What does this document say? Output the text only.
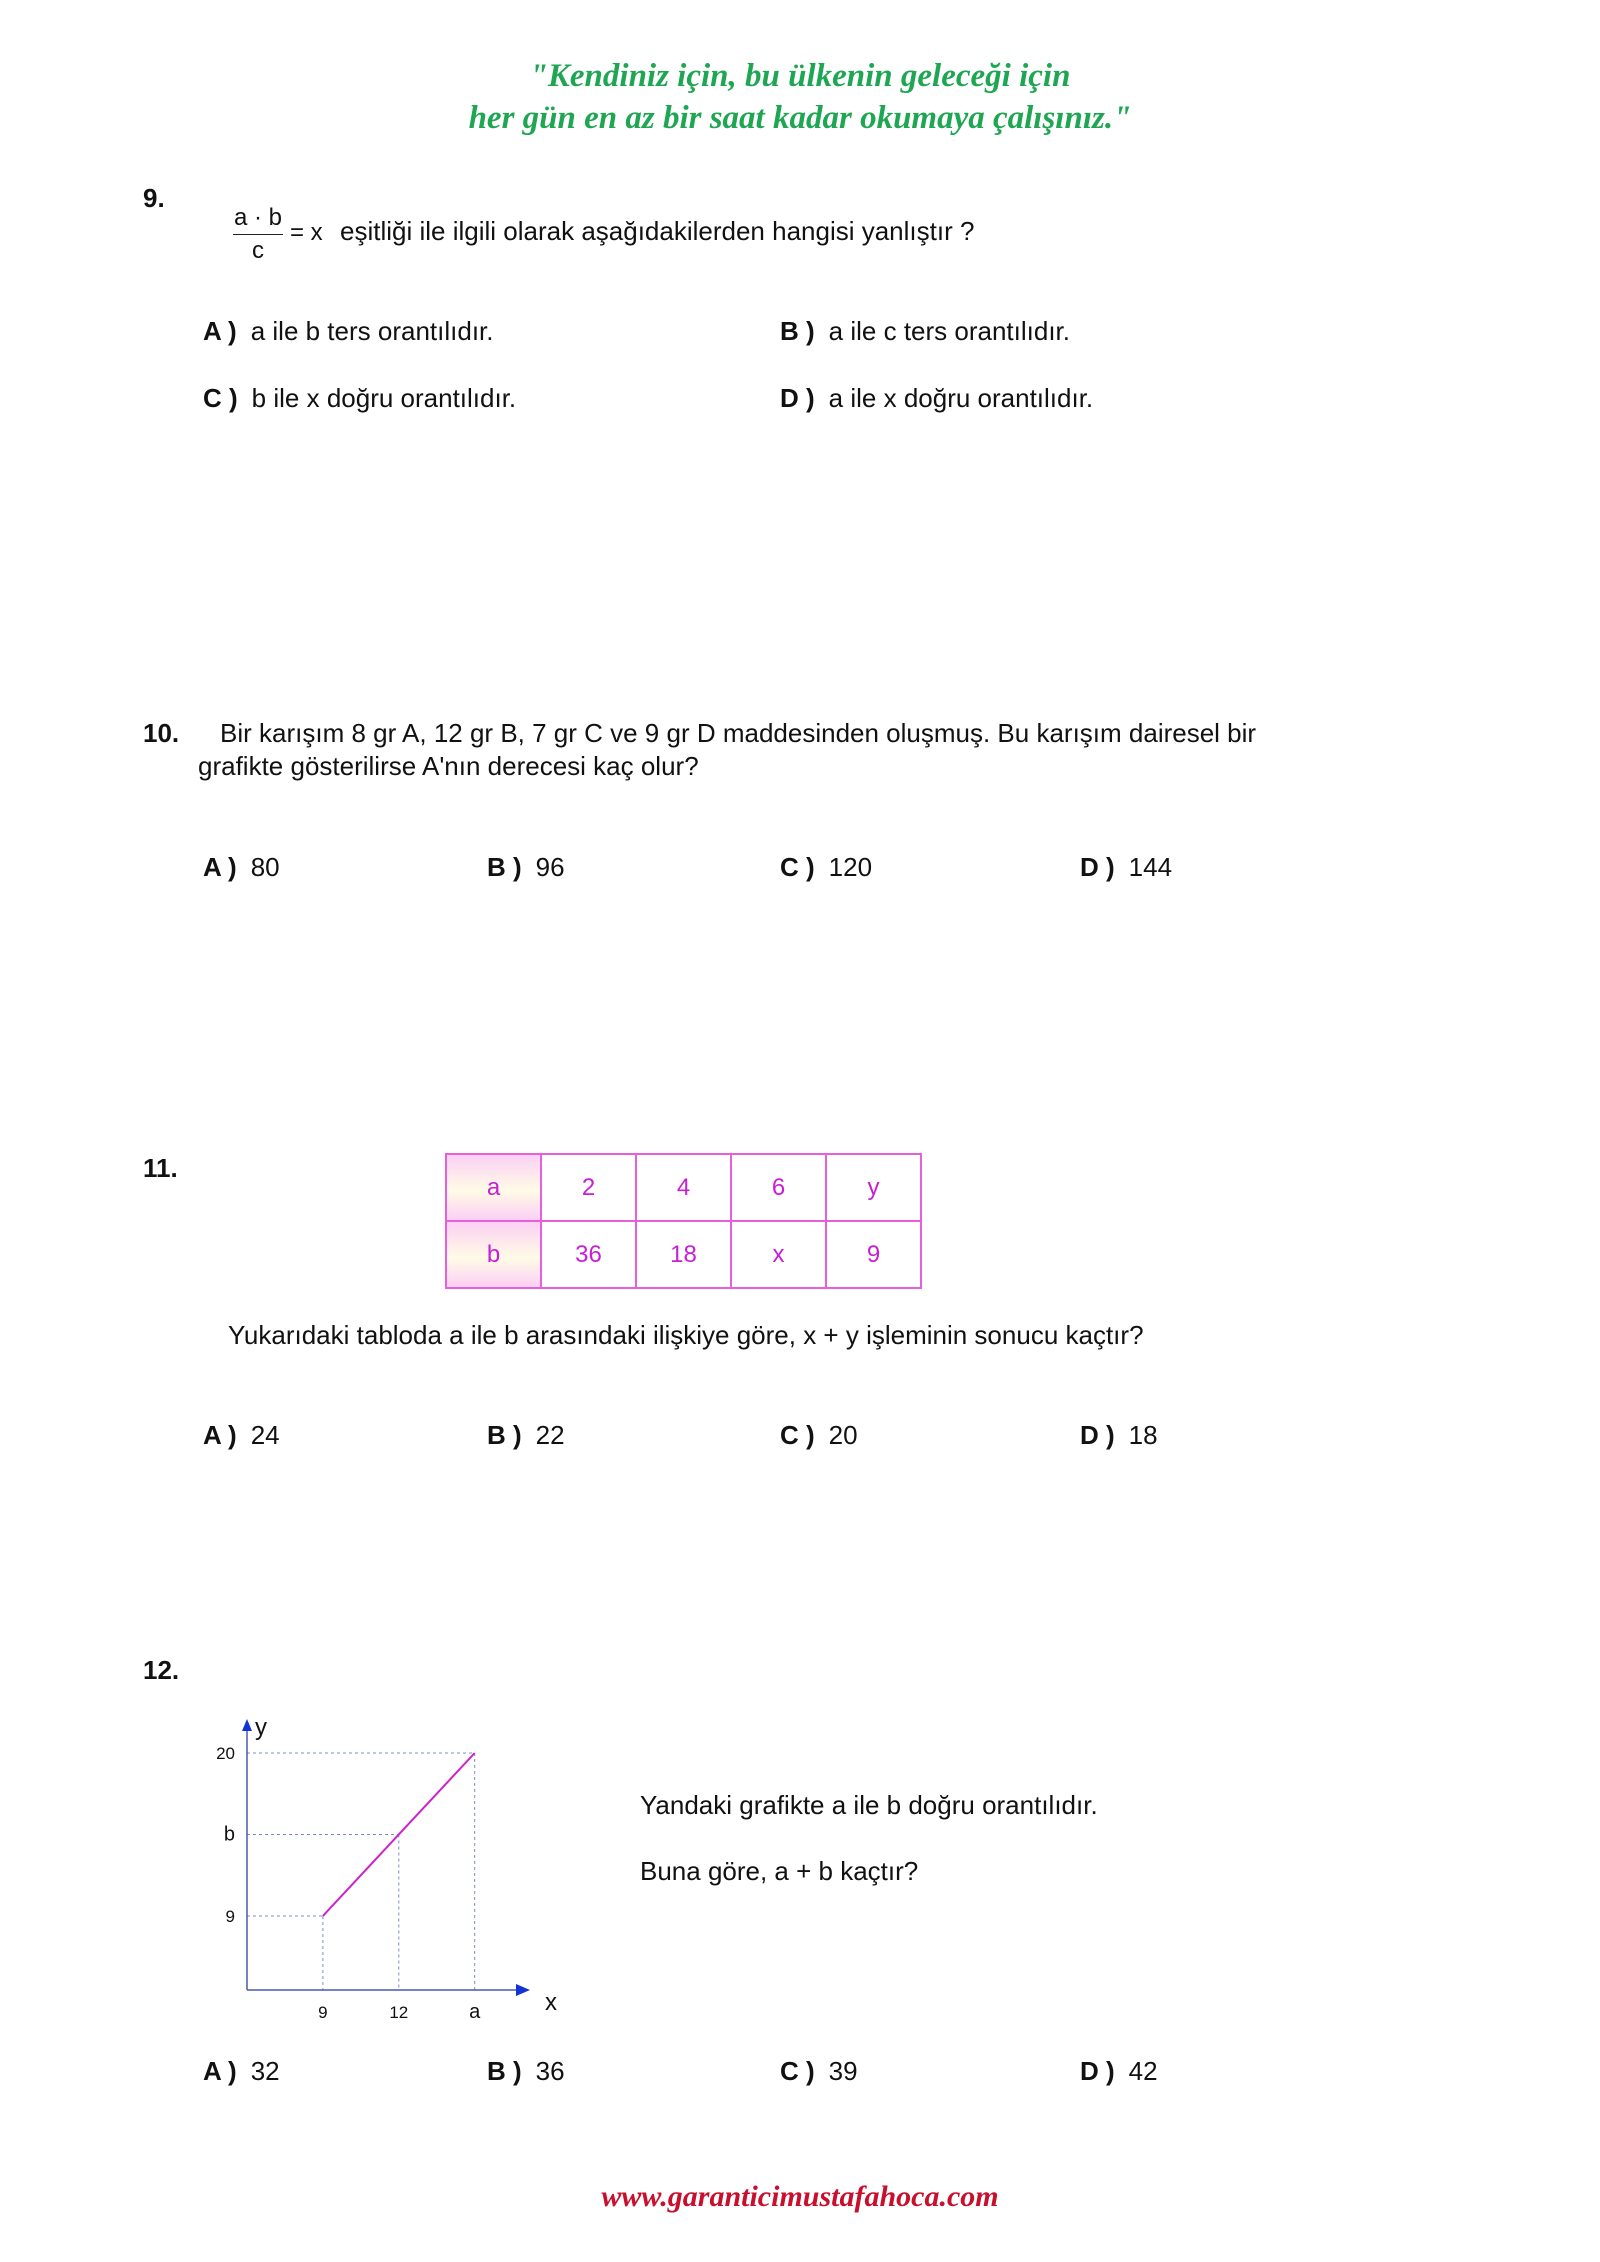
"Kendiniz için, bu ülkenin geleceği için
her gün en az bir saat kadar okumaya çalışınız."
9.
a · b
c
= x eşitliği ile ilgili olarak aşağıdakilerden hangisi yanlıştır ?
A ) a ile b ters orantılıdır.	B ) a ile c ters orantılıdır.
C ) b ile x doğru orantılıdır.	D ) a ile x doğru orantılıdır.
10. Bir karışım 8 gr A, 12 gr B, 7 gr C ve 9 gr D maddesinden oluşmuş. Bu karışım dairesel bir
grafikte gösterilirse A'nın derecesi kaç olur?
A ) 80	B ) 96	C ) 120	D ) 144
11.
a	2	4	6	y
b	36	18	x	9
Yukarıdaki tabloda a ile b arasındaki ilişkiye göre, x + y işleminin sonucu kaçtır?
A ) 24	B ) 22	C ) 20	D ) 18
12.
y
x
9
9
12
b
a
20
Yandaki grafikte a ile b doğru orantılıdır.
Buna göre, a + b kaçtır?
A ) 32	B ) 36	C ) 39	D ) 42
www.garanticimustafahoca.com
